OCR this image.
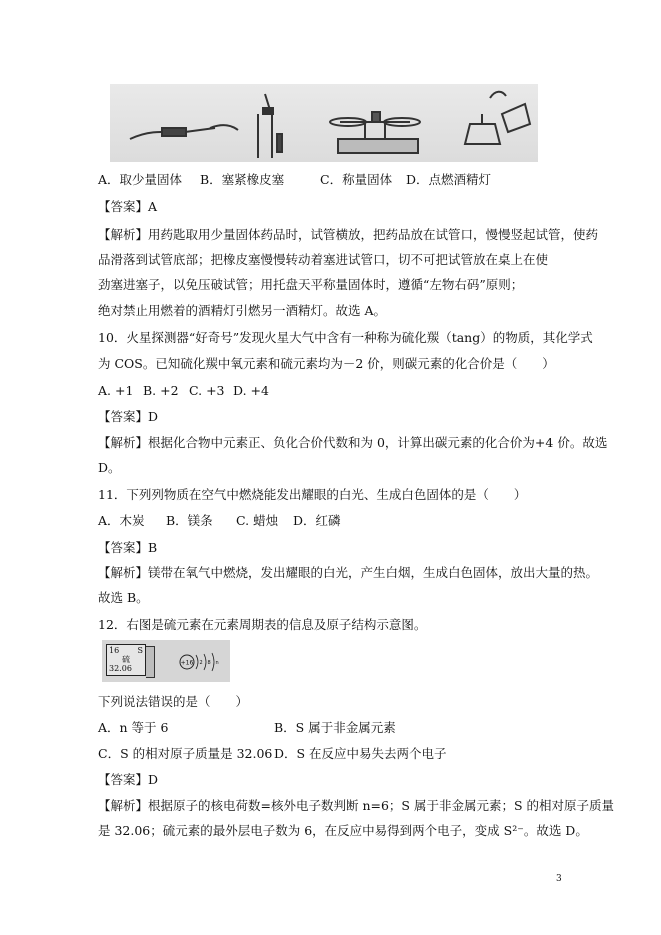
A．取少量固体 B．塞紧橡皮塞	C．称量固体 D．点燃酒精灯
【答案】A
【解析】用药匙取用少量固体药品时，试管横放，把药品放在试管口，慢慢竖起试管，使药
品滑落到试管底部；把橡皮塞慢慢转动着塞进试管口，切不可把试管放在桌上在使
劲塞进塞子，以免压破试管；用托盘天平称量固体时，遵循“左物右码”原则；
绝对禁止用燃着的酒精灯引燃另一酒精灯。故选 A。
10．火星探测器“好奇号”发现火星大气中含有一种称为硫化羰（tang）的物质，其化学式
为 COS。已知硫化羰中氧元素和硫元素均为－2 价，则碳元素的化合价是（　　）
A. +1 B. +2 C. +3 D. +4
【答案】D
【解析】根据化合物中元素正、负化合价代数和为 0，计算出碳元素的化合价为+4 价。故选
D。
11．下列列物质在空气中燃烧能发出耀眼的白光、生成白色固体的是（　　）
A．木炭 B．镁条 C. 蜡烛 D．红磷
【答案】B
【解析】镁带在氧气中燃烧，发出耀眼的白光，产生白烟，生成白色固体，放出大量的热。
故选 B。
12．右图是硫元素在元素周期表的信息及原子结构示意图。
16 S
硫
32.06
+16 2 8 n
下列说法错误的是（　　）
A．n 等于 6	B．S 属于非金属元素
C．S 的相对原子质量是 32.06 D．S 在反应中易失去两个电子
【答案】D
【解析】根据原子的核电荷数=核外电子数判断 n=6；S 属于非金属元素；S 的相对原子质量
是 32.06；硫元素的最外层电子数为 6，在反应中易得到两个电子，变成 S²⁻。故选 D。
3
